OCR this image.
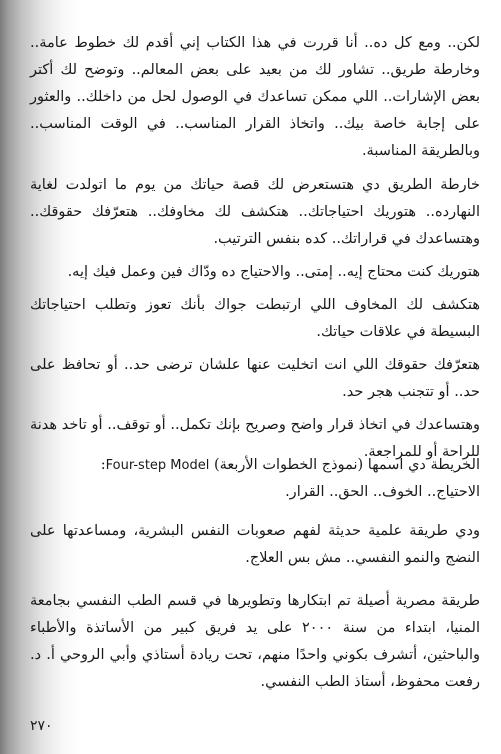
لكن.. ومع كل ده.. أنا قررت في هذا الكتاب إني أقدم لك خطوط عامة.. وخارطة طريق.. تشاور لك من بعيد على بعض المعالم.. وتوضح لك أكتر بعض الإشارات.. اللي ممكن تساعدك في الوصول لحل من داخلك.. والعثور على إجابة خاصة بيك.. واتخاذ القرار المناسب.. في الوقت المناسب.. وبالطريقة المناسبة.

خارطة الطريق دي هتستعرض لك قصة حياتك من يوم ما اتولدت لغاية النهارده.. هتوريك احتياجاتك.. هتكشف لك مخاوفك.. هتعرّفك حقوقك.. وهتساعدك في قراراتك.. كده بنفس الترتيب.

هتوريك كنت محتاج إيه.. إمتى.. والاحتياج ده ودّاك فين وعمل فيك إيه.

هتكشف لك المخاوف اللي ارتبطت جواك بأنك تعوز وتطلب احتياجاتك البسيطة في علاقات حياتك.

هتعرّفك حقوقك اللي انت اتخليت عنها علشان ترضى حد.. أو تحافظ على حد.. أو تتجنب هجر حد.

وهتساعدك في اتخاذ قرار واضح وصريح بإنك تكمل.. أو توقف.. أو تاخد هدنة للراحة أو للمراجعة.

الخريطة دي اسمها (نموذج الخطوات الأربعة) Four-step Model:
الاحتياج.. الخوف.. الحق.. القرار.

ودي طريقة علمية حديثة لفهم صعوبات النفس البشرية، ومساعدتها على النضج والنمو النفسي.. مش بس العلاج.

طريقة مصرية أصيلة تم ابتكارها وتطويرها في قسم الطب النفسي بجامعة المنيا، ابتداء من سنة ٢٠٠٠ على يد فريق كبير من الأساتذة والأطباء والباحثين، أتشرف بكوني واحدًا منهم، تحت ريادة أستاذي وأبي الروحي أ. د. رفعت محفوظ، أستاذ الطب النفسي.

٢٧٠
